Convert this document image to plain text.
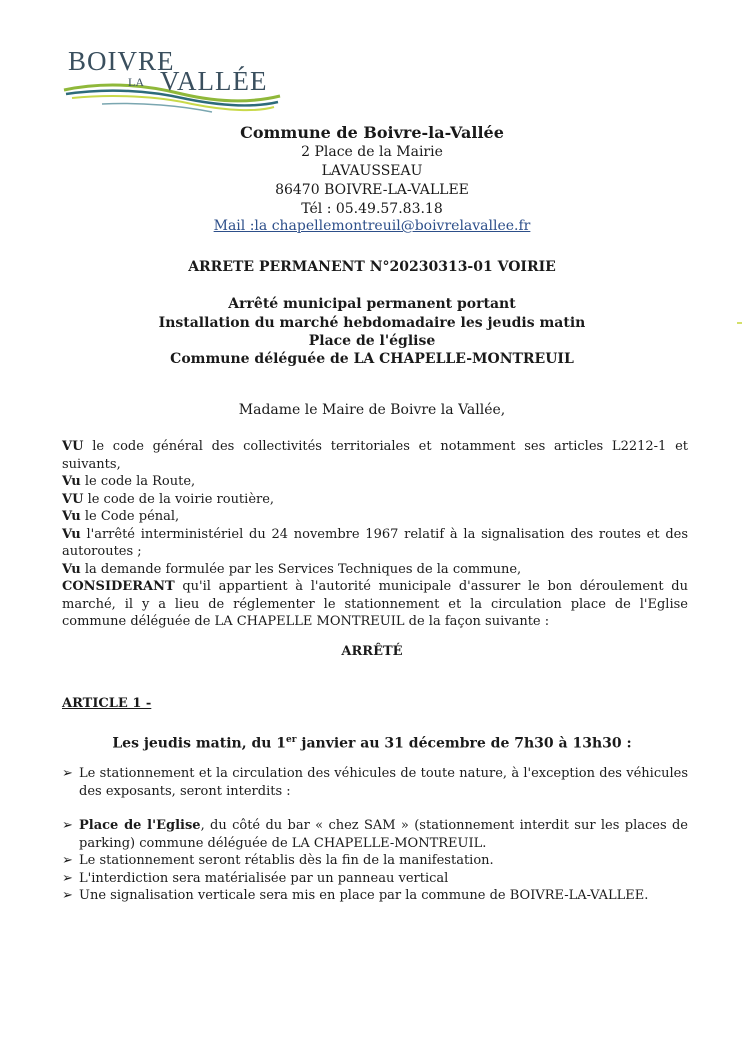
BOIVRE
LA VALLÉE
Commune de Boivre-la-Vallée
2 Place de la Mairie
LAVAUSSEAU
86470 BOIVRE-LA-VALLEE
Tél : 05.49.57.83.18
Mail :la chapellemontreuil@boivrelavallee.fr
ARRETE PERMANENT N°20230313-01 VOIRIE
Arrêté municipal permanent portant
Installation du marché hebdomadaire les jeudis matin
Place de l'église
Commune déléguée de LA CHAPELLE-MONTREUIL
Madame le Maire de Boivre la Vallée,
VU le code général des collectivités territoriales et notamment ses articles L2212-1 et suivants,
Vu le code la Route,
VU le code de la voirie routière,
Vu le Code pénal,
Vu l'arrêté interministériel du 24 novembre 1967 relatif à la signalisation des routes et des autoroutes ;
Vu la demande formulée par les Services Techniques de la commune,
CONSIDERANT qu'il appartient à l'autorité municipale d'assurer le bon déroulement du marché, il y a lieu de réglementer le stationnement et la circulation place de l'Eglise commune déléguée de LA CHAPELLE MONTREUIL de la façon suivante :
ARRÊTÉ
ARTICLE 1 -
Les jeudis matin, du 1er janvier au 31 décembre de 7h30 à 13h30 :
➢ Le stationnement et la circulation des véhicules de toute nature, à l'exception des véhicules des exposants, seront interdits :
➢ Place de l'Eglise, du côté du bar « chez SAM » (stationnement interdit sur les places de parking) commune déléguée de LA CHAPELLE-MONTREUIL.
➢ Le stationnement seront rétablis dès la fin de la manifestation.
➢ L'interdiction sera matérialisée par un panneau vertical
➢ Une signalisation verticale sera mis en place par la commune de BOIVRE-LA-VALLEE.
